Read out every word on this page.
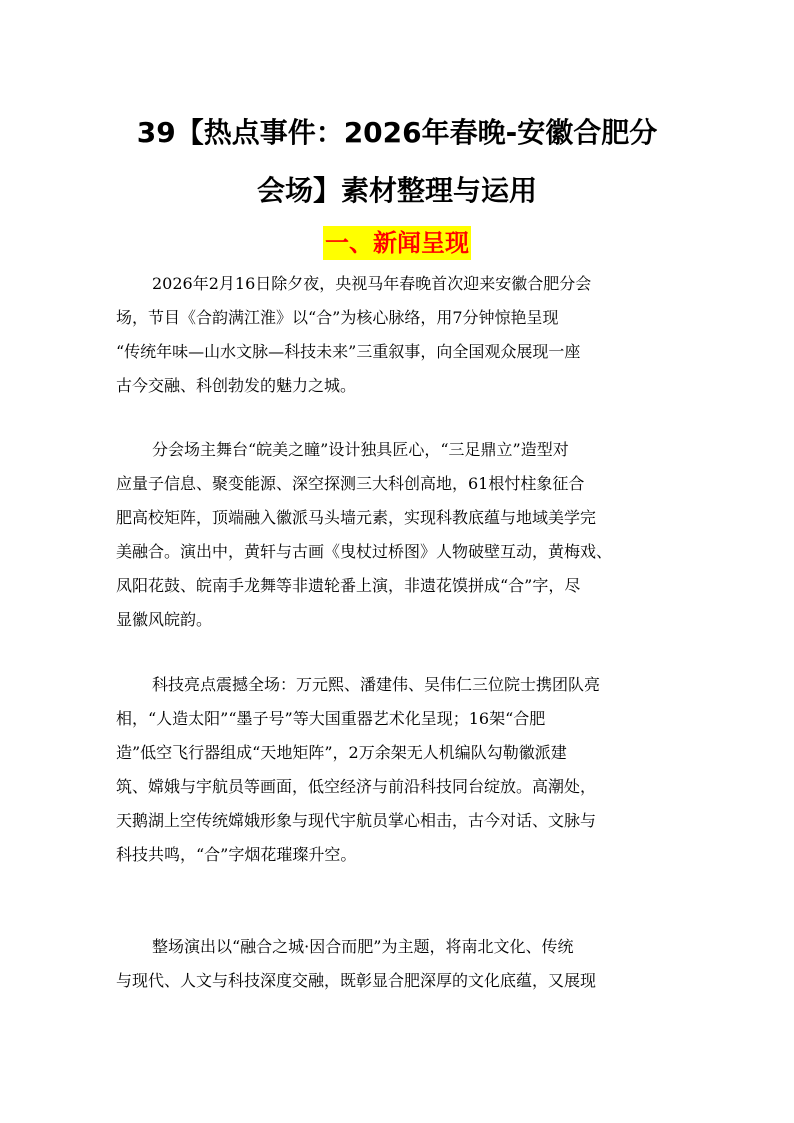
39【热点事件：2026年春晚-安徽合肥分
会场】素材整理与运用
一、新闻呈现
2026年2月16日除夕夜，央视马年春晚首次迎来安徽合肥分会
场，节目《合韵满江淮》以“合”为核心脉络，用7分钟惊艳呈现
“传统年味—山水文脉—科技未来”三重叙事，向全国观众展现一座
古今交融、科创勃发的魅力之城。
分会场主舞台“皖美之瞳”设计独具匠心，“三足鼎立”造型对
应量子信息、聚变能源、深空探测三大科创高地，61根忖柱象征合
肥高校矩阵，顶端融入徽派马头墙元素，实现科教底蕴与地域美学完
美融合。演出中，黄轩与古画《曳杖过桥图》人物破壁互动，黄梅戏、
凤阳花鼓、皖南手龙舞等非遗轮番上演，非遗花馍拼成“合”字，尽
显徽风皖韵。
科技亮点震撼全场：万元熙、潘建伟、吴伟仁三位院士携团队亮
相，“人造太阳”“墨子号”等大国重器艺术化呈现；16架“合肥
造”低空飞行器组成“天地矩阵”，2万余架无人机编队勾勒徽派建
筑、嫦娥与宇航员等画面，低空经济与前沿科技同台绽放。高潮处，
天鹅湖上空传统嫦娥形象与现代宇航员掌心相击，古今对话、文脉与
科技共鸣，“合”字烟花璀璨升空。
整场演出以“融合之城·因合而肥”为主题，将南北文化、传统
与现代、人文与科技深度交融，既彰显合肥深厚的文化底蕴，又展现
